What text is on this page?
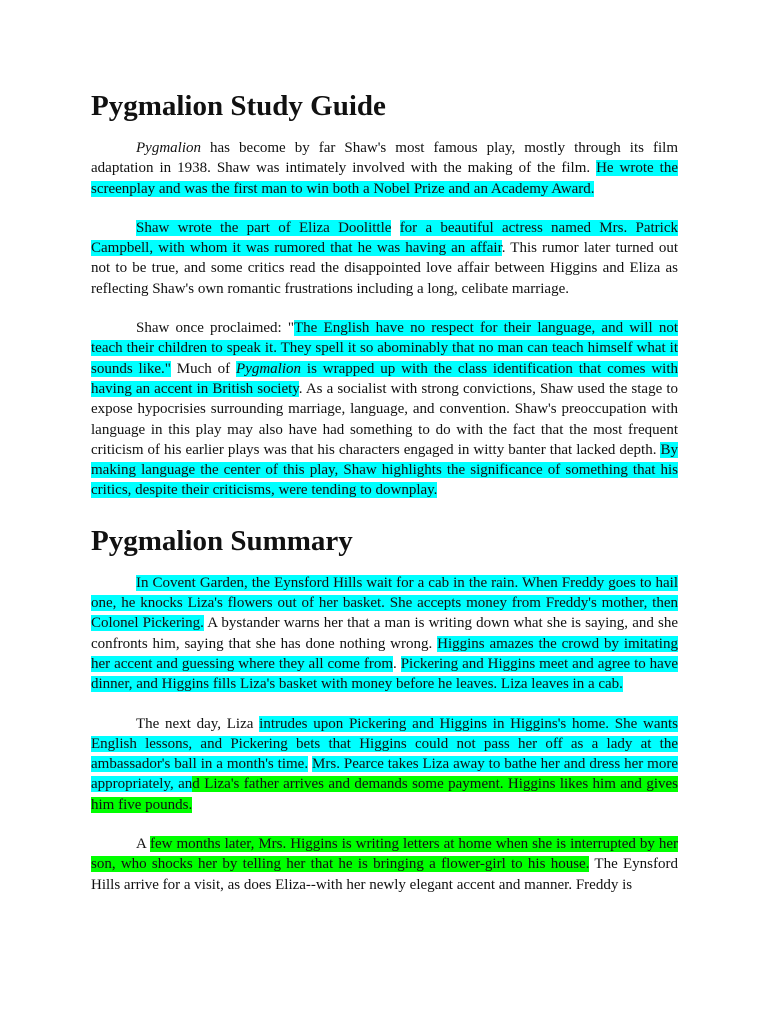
Pygmalion Study Guide

Pygmalion has become by far Shaw's most famous play, mostly through its film adaptation in 1938. Shaw was intimately involved with the making of the film. He wrote the screenplay and was the first man to win both a Nobel Prize and an Academy Award.

Shaw wrote the part of Eliza Doolittle for a beautiful actress named Mrs. Patrick Campbell, with whom it was rumored that he was having an affair. This rumor later turned out not to be true, and some critics read the disappointed love affair between Higgins and Eliza as reflecting Shaw's own romantic frustrations including a long, celibate marriage.

Shaw once proclaimed: "The English have no respect for their language, and will not teach their children to speak it. They spell it so abominably that no man can teach himself what it sounds like." Much of Pygmalion is wrapped up with the class identification that comes with having an accent in British society. As a socialist with strong convictions, Shaw used the stage to expose hypocrisies surrounding marriage, language, and convention. Shaw's preoccupation with language in this play may also have had something to do with the fact that the most frequent criticism of his earlier plays was that his characters engaged in witty banter that lacked depth. By making language the center of this play, Shaw highlights the significance of something that his critics, despite their criticisms, were tending to downplay.

Pygmalion Summary

In Covent Garden, the Eynsford Hills wait for a cab in the rain. When Freddy goes to hail one, he knocks Liza's flowers out of her basket. She accepts money from Freddy's mother, then Colonel Pickering. A bystander warns her that a man is writing down what she is saying, and she confronts him, saying that she has done nothing wrong. Higgins amazes the crowd by imitating her accent and guessing where they all come from. Pickering and Higgins meet and agree to have dinner, and Higgins fills Liza's basket with money before he leaves. Liza leaves in a cab.

The next day, Liza intrudes upon Pickering and Higgins in Higgins's home. She wants English lessons, and Pickering bets that Higgins could not pass her off as a lady at the ambassador's ball in a month's time. Mrs. Pearce takes Liza away to bathe her and dress her more appropriately, and Liza's father arrives and demands some payment. Higgins likes him and gives him five pounds.

A few months later, Mrs. Higgins is writing letters at home when she is interrupted by her son, who shocks her by telling her that he is bringing a flower-girl to his house. The Eynsford Hills arrive for a visit, as does Eliza--with her newly elegant accent and manner. Freddy is
